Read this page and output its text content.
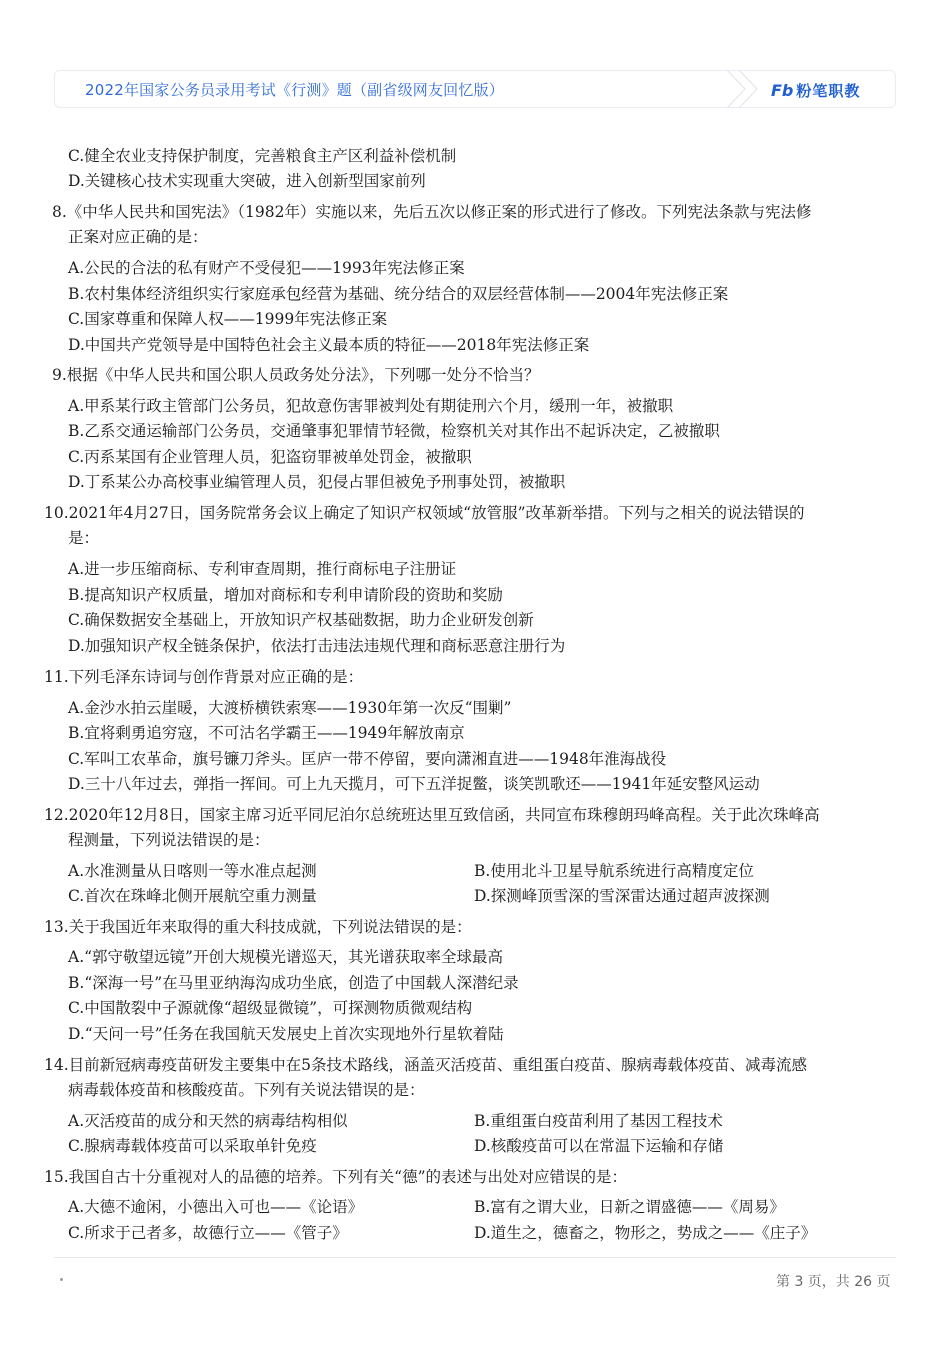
2022年国家公务员录用考试《行测》题（副省级网友回忆版）	Fb 粉笔职教
C.健全农业支持保护制度，完善粮食主产区利益补偿机制
D.关键核心技术实现重大突破，进入创新型国家前列
8.《中华人民共和国宪法》（1982年）实施以来，先后五次以修正案的形式进行了修改。下列宪法条款与宪法修
正案对应正确的是：
A.公民的合法的私有财产不受侵犯——1993年宪法修正案
B.农村集体经济组织实行家庭承包经营为基础、统分结合的双层经营体制——2004年宪法修正案
C.国家尊重和保障人权——1999年宪法修正案
D.中国共产党领导是中国特色社会主义最本质的特征——2018年宪法修正案
9.根据《中华人民共和国公职人员政务处分法》，下列哪一处分不恰当？
A.甲系某行政主管部门公务员，犯故意伤害罪被判处有期徒刑六个月，缓刑一年，被撤职
B.乙系交通运输部门公务员，交通肇事犯罪情节轻微，检察机关对其作出不起诉决定，乙被撤职
C.丙系某国有企业管理人员，犯盗窃罪被单处罚金，被撤职
D.丁系某公办高校事业编管理人员，犯侵占罪但被免予刑事处罚，被撤职
10.2021年4月27日，国务院常务会议上确定了知识产权领域“放管服”改革新举措。下列与之相关的说法错误的
是：
A.进一步压缩商标、专利审查周期，推行商标电子注册证
B.提高知识产权质量，增加对商标和专利申请阶段的资助和奖励
C.确保数据安全基础上，开放知识产权基础数据，助力企业研发创新
D.加强知识产权全链条保护，依法打击违法违规代理和商标恶意注册行为
11.下列毛泽东诗词与创作背景对应正确的是：
A.金沙水拍云崖暖，大渡桥横铁索寒——1930年第一次反“围剿”
B.宜将剩勇追穷寇，不可沽名学霸王——1949年解放南京
C.军叫工农革命，旗号镰刀斧头。匡庐一带不停留，要向潇湘直进——1948年淮海战役
D.三十八年过去，弹指一挥间。可上九天揽月，可下五洋捉鳖，谈笑凯歌还——1941年延安整风运动
12.2020年12月8日，国家主席习近平同尼泊尔总统班达里互致信函，共同宣布珠穆朗玛峰高程。关于此次珠峰高
程测量，下列说法错误的是：
A.水准测量从日喀则一等水准点起测	B.使用北斗卫星导航系统进行高精度定位
C.首次在珠峰北侧开展航空重力测量	D.探测峰顶雪深的雪深雷达通过超声波探测
13.关于我国近年来取得的重大科技成就，下列说法错误的是：
A.“郭守敬望远镜”开创大规模光谱巡天，其光谱获取率全球最高
B.“深海一号”在马里亚纳海沟成功坐底，创造了中国载人深潜纪录
C.中国散裂中子源就像“超级显微镜”，可探测物质微观结构
D.“天问一号”任务在我国航天发展史上首次实现地外行星软着陆
14.目前新冠病毒疫苗研发主要集中在5条技术路线，涵盖灭活疫苗、重组蛋白疫苗、腺病毒载体疫苗、减毒流感
病毒载体疫苗和核酸疫苗。下列有关说法错误的是：
A.灭活疫苗的成分和天然的病毒结构相似	B.重组蛋白疫苗利用了基因工程技术
C.腺病毒载体疫苗可以采取单针免疫	D.核酸疫苗可以在常温下运输和存储
15.我国自古十分重视对人的品德的培养。下列有关“德”的表述与出处对应错误的是：
A.大德不逾闲，小德出入可也——《论语》	B.富有之谓大业，日新之谓盛德——《周易》
C.所求于己者多，故德行立——《管子》	D.道生之，德畜之，物形之，势成之——《庄子》
第 3 页，共 26 页
